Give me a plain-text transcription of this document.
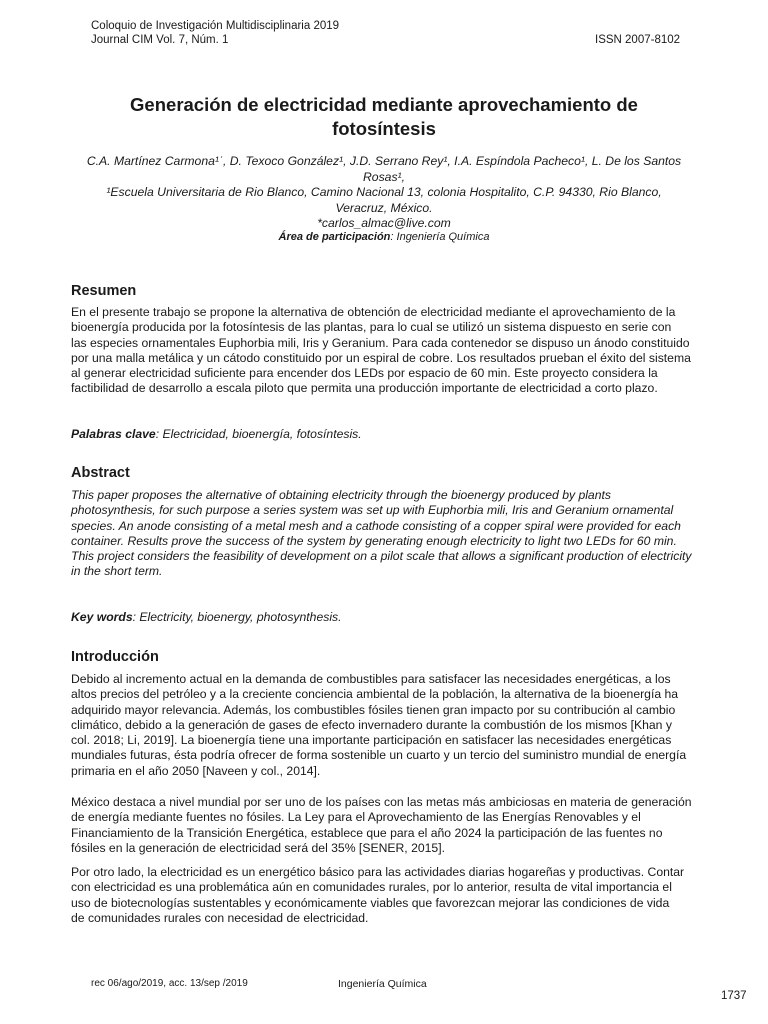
Coloquio de Investigación Multidisciplinaria 2019
Journal CIM Vol. 7, Núm. 1	ISSN 2007-8102
Generación de electricidad mediante aprovechamiento de
fotosíntesis
C.A. Martínez Carmona¹˙, D. Texoco González¹, J.D. Serrano Rey¹, I.A. Espíndola Pacheco¹, L. De los Santos
Rosas¹,
¹Escuela Universitaria de Rio Blanco, Camino Nacional 13, colonia Hospitalito, C.P. 94330, Rio Blanco,
Veracruz, México.
*carlos_almac@live.com
Área de participación: Ingeniería Química
Resumen
En el presente trabajo se propone la alternativa de obtención de electricidad mediante el aprovechamiento de la
bioenergía producida por la fotosíntesis de las plantas, para lo cual se utilizó un sistema dispuesto en serie con
las especies ornamentales Euphorbia mili, Iris y Geranium. Para cada contenedor se dispuso un ánodo constituido
por una malla metálica y un cátodo constituido por un espiral de cobre. Los resultados prueban el éxito del sistema
al generar electricidad suficiente para encender dos LEDs por espacio de 60 min. Este proyecto considera la
factibilidad de desarrollo a escala piloto que permita una producción importante de electricidad a corto plazo.
Palabras clave: Electricidad, bioenergía, fotosíntesis.
Abstract
This paper proposes the alternative of obtaining electricity through the bioenergy produced by plants
photosynthesis, for such purpose a series system was set up with Euphorbia mili, Iris and Geranium ornamental
species. An anode consisting of a metal mesh and a cathode consisting of a copper spiral were provided for each
container. Results prove the success of the system by generating enough electricity to light two LEDs for 60 min.
This project considers the feasibility of development on a pilot scale that allows a significant production of electricity
in the short term.
Key words: Electricity, bioenergy, photosynthesis.
Introducción
Debido al incremento actual en la demanda de combustibles para satisfacer las necesidades energéticas, a los
altos precios del petróleo y a la creciente conciencia ambiental de la población, la alternativa de la bioenergía ha
adquirido mayor relevancia. Además, los combustibles fósiles tienen gran impacto por su contribución al cambio
climático, debido a la generación de gases de efecto invernadero durante la combustión de los mismos [Khan y
col. 2018; Li, 2019]. La bioenergía tiene una importante participación en satisfacer las necesidades energéticas
mundiales futuras, ésta podría ofrecer de forma sostenible un cuarto y un tercio del suministro mundial de energía
primaria en el año 2050 [Naveen y col., 2014].
México destaca a nivel mundial por ser uno de los países con las metas más ambiciosas en materia de generación
de energía mediante fuentes no fósiles. La Ley para el Aprovechamiento de las Energías Renovables y el
Financiamiento de la Transición Energética, establece que para el año 2024 la participación de las fuentes no
fósiles en la generación de electricidad será del 35% [SENER, 2015].
Por otro lado, la electricidad es un energético básico para las actividades diarias hogareñas y productivas. Contar
con electricidad es una problemática aún en comunidades rurales, por lo anterior, resulta de vital importancia el
uso de biotecnologías sustentables y económicamente viables que favorezcan mejorar las condiciones de vida
de comunidades rurales con necesidad de electricidad.
rec 06/ago/2019, acc. 13/sep /2019	Ingeniería Química
1737
